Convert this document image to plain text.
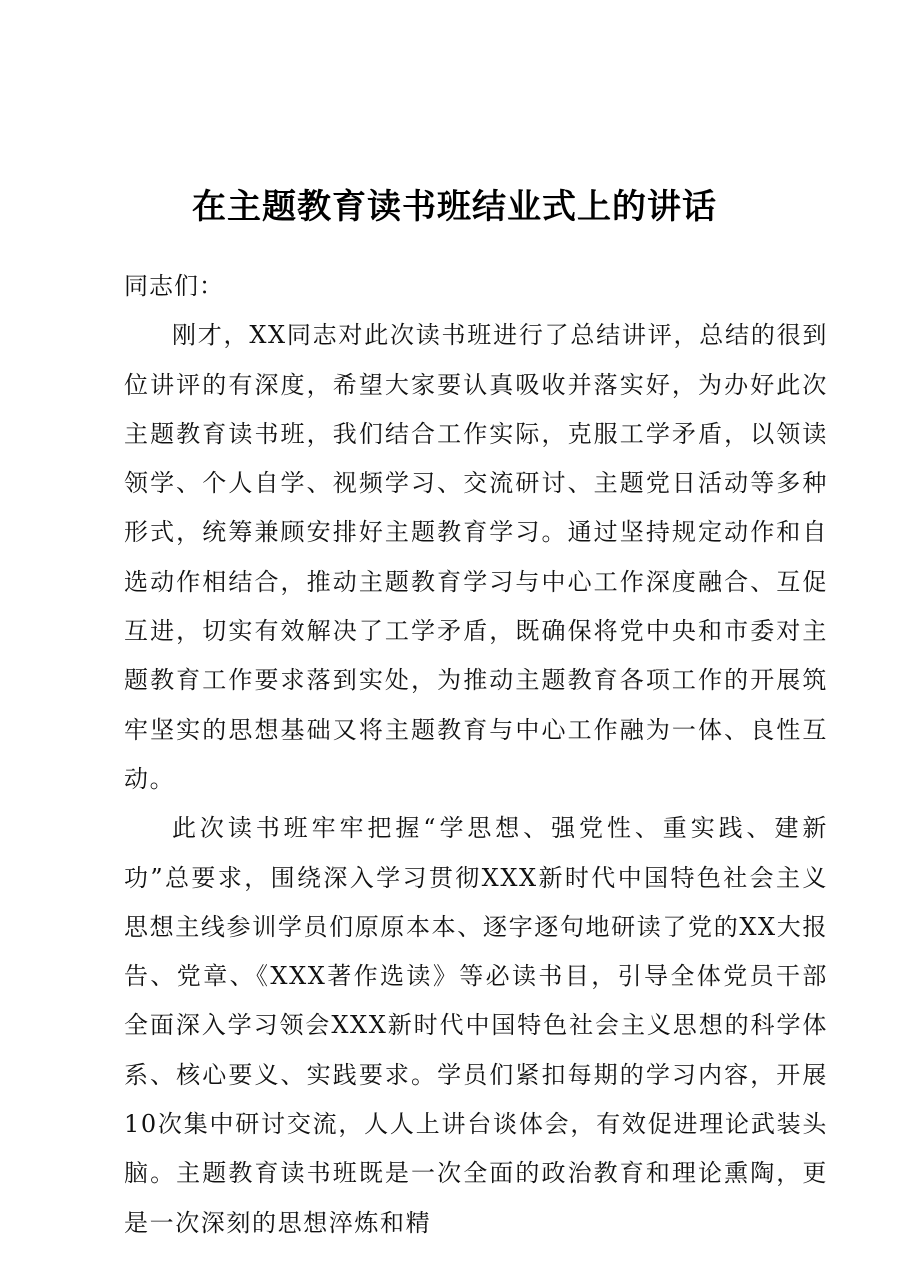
在主题教育读书班结业式上的讲话

同志们：

刚才，XX同志对此次读书班进行了总结讲评，总结的很到位讲评的有深度，希望大家要认真吸收并落实好，为办好此次主题教育读书班，我们结合工作实际，克服工学矛盾，以领读领学、个人自学、视频学习、交流研讨、主题党日活动等多种形式，统筹兼顾安排好主题教育学习。通过坚持规定动作和自选动作相结合，推动主题教育学习与中心工作深度融合、互促互进，切实有效解决了工学矛盾，既确保将党中央和市委对主题教育工作要求落到实处，为推动主题教育各项工作的开展筑牢坚实的思想基础又将主题教育与中心工作融为一体、良性互动。

此次读书班牢牢把握“学思想、强党性、重实践、建新功”总要求，围绕深入学习贯彻XXX新时代中国特色社会主义思想主线参训学员们原原本本、逐字逐句地研读了党的XX大报告、党章、《XXX著作选读》等必读书目，引导全体党员干部全面深入学习领会XXX新时代中国特色社会主义思想的科学体系、核心要义、实践要求。学员们紧扣每期的学习内容，开展10次集中研讨交流，人人上讲台谈体会，有效促进理论武装头脑。主题教育读书班既是一次全面的政治教育和理论熏陶，更是一次深刻的思想淬炼和精
